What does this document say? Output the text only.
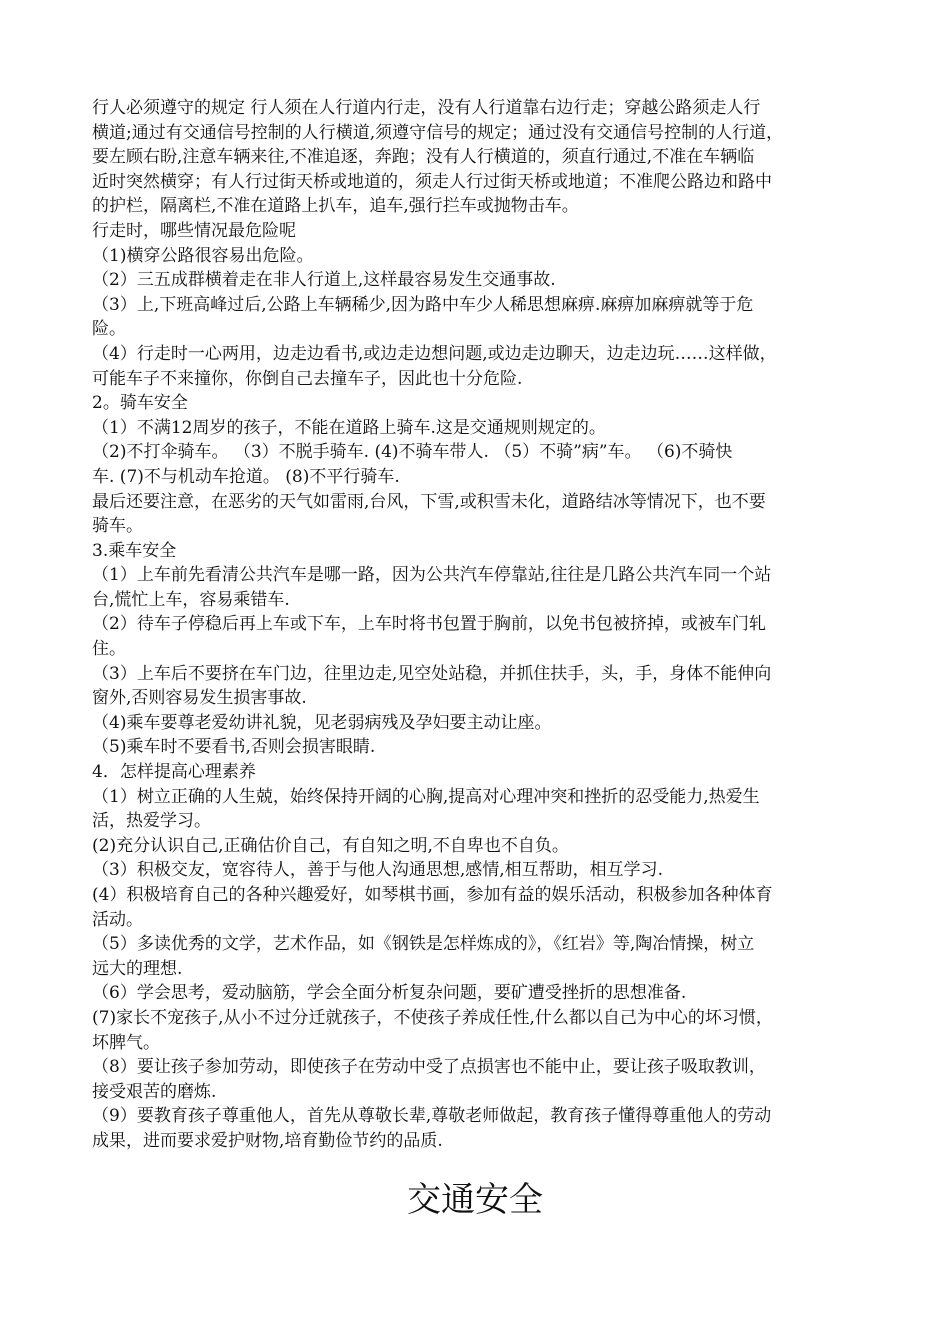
行人必须遵守的规定 行人须在人行道内行走，没有人行道靠右边行走；穿越公路须走人行
横道;通过有交通信号控制的人行横道,须遵守信号的规定；通过没有交通信号控制的人行道，
要左顾右盼,注意车辆来往,不准追逐，奔跑；没有人行横道的，须直行通过,不准在车辆临
近时突然横穿；有人行过街天桥或地道的，须走人行过街天桥或地道；不准爬公路边和路中
的护栏，隔离栏,不准在道路上扒车，追车,强行拦车或抛物击车。
行走时，哪些情况最危险呢
（1)横穿公路很容易出危险。
（2）三五成群横着走在非人行道上,这样最容易发生交通事故.
（3）上,下班高峰过后,公路上车辆稀少,因为路中车少人稀思想麻痹.麻痹加麻痹就等于危
险。
（4）行走时一心两用，边走边看书,或边走边想问题,或边走边聊天，边走边玩……这样做，
可能车子不来撞你，你倒自己去撞车子，因此也十分危险.
2。骑车安全
（1）不满12周岁的孩子，不能在道路上骑车.这是交通规则规定的。
（2)不打伞骑车。 （3）不脱手骑车. (4)不骑车带人. （5）不骑”病”车。 （6)不骑快
车. (7)不与机动车抢道。 (8)不平行骑车.
最后还要注意，在恶劣的天气如雷雨,台风，下雪,或积雪未化，道路结冰等情况下，也不要
骑车。
3.乘车安全
（1）上车前先看清公共汽车是哪一路，因为公共汽车停靠站,往往是几路公共汽车同一个站
台,慌忙上车，容易乘错车.
（2）待车子停稳后再上车或下车，上车时将书包置于胸前，以免书包被挤掉，或被车门轧
住。
（3）上车后不要挤在车门边，往里边走,见空处站稳，并抓住扶手，头，手，身体不能伸向
窗外,否则容易发生损害事故.
（4)乘车要尊老爱幼讲礼貌，见老弱病残及孕妇要主动让座。
（5)乘车时不要看书,否则会损害眼睛.
4．怎样提高心理素养
（1）树立正确的人生兢，始终保持开阔的心胸,提高对心理冲突和挫折的忍受能力,热爱生
活，热爱学习。
(2)充分认识自己,正确估价自己，有自知之明,不自卑也不自负。
（3）积极交友，宽容待人，善于与他人沟通思想,感情,相互帮助，相互学习.
(4）积极培育自己的各种兴趣爱好，如琴棋书画，参加有益的娱乐活动，积极参加各种体育
活动。
（5）多读优秀的文学，艺术作品，如《钢铁是怎样炼成的》，《红岩》等,陶冶情操，树立
远大的理想.
（6）学会思考，爱动脑筋，学会全面分析复杂问题，要矿遭受挫折的思想准备.
(7)家长不宠孩子,从小不过分迁就孩子，不使孩子养成任性,什么都以自己为中心的坏习惯，
坏脾气。
（8）要让孩子参加劳动，即使孩子在劳动中受了点损害也不能中止，要让孩子吸取教训，
接受艰苦的磨炼.
（9）要教育孩子尊重他人，首先从尊敬长辈,尊敬老师做起，教育孩子懂得尊重他人的劳动
成果，进而要求爱护财物,培育勤俭节约的品质.
交通安全
